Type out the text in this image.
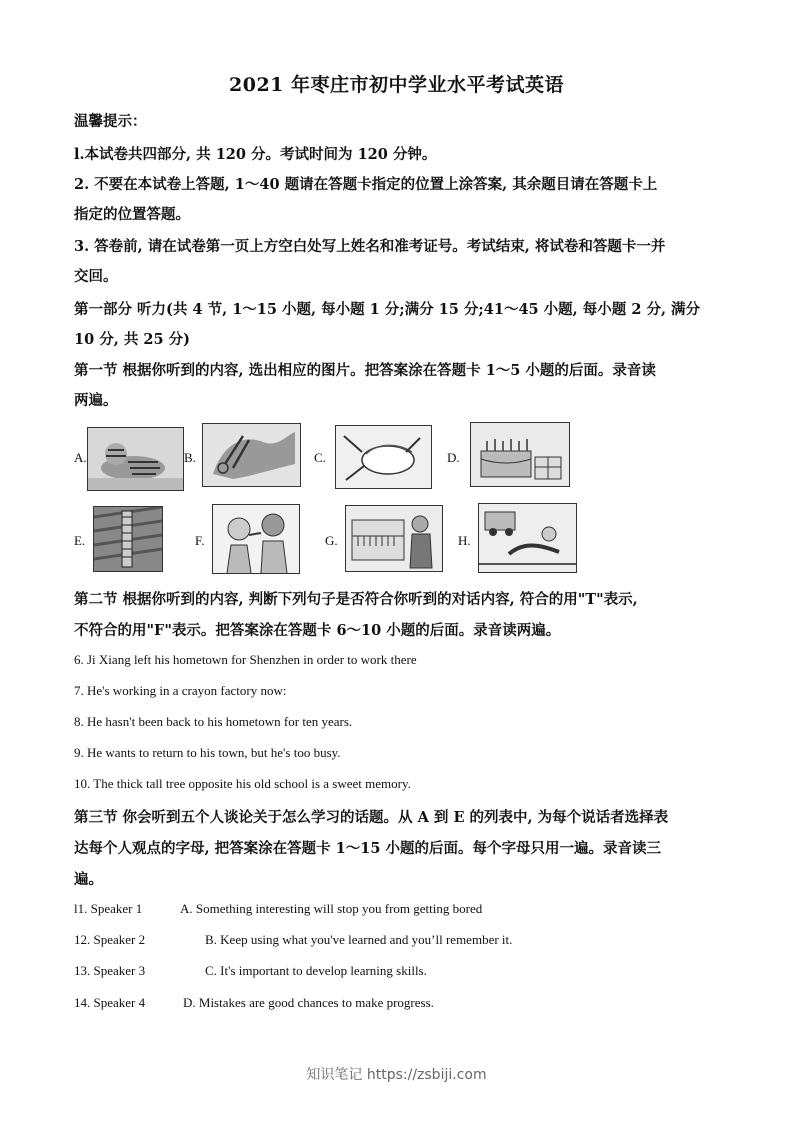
2021 年枣庄市初中学业水平考试英语
温馨提示：
l.本试卷共四部分, 共 120 分。考试时间为 120 分钟。
2. 不要在本试卷上答题, 1～40 题请在答题卡指定的位置上涂答案, 其余题目请在答题卡上
指定的位置答题。
3. 答卷前, 请在试卷第一页上方空白处写上姓名和准考证号。考试结束, 将试卷和答题卡一并
交回。
第一部分 听力(共 4 节, 1～15 小题, 每小题 1 分;满分 15 分;41～45 小题, 每小题 2 分, 满分
10 分, 共 25 分)
第一节 根据你听到的内容, 选出相应的图片。把答案涂在答题卡 1～5 小题的后面。录音读
两遍。
A.	B.	C.	D.
E.	F.	G.	H.
第二节 根据你听到的内容, 判断下列句子是否符合你听到的对话内容, 符合的用"T"表示,
不符合的用"F"表示。把答案涂在答题卡 6～10 小题的后面。录音读两遍。
6. Ji Xiang left his hometown for Shenzhen in order to work there
7. He's working in a crayon factory now:
8. He hasn't been back to his hometown for ten years.
9. He wants to return to his town, but he's too busy.
10. The thick tall tree opposite his old school is a sweet memory.
第三节 你会听到五个人谈论关于怎么学习的话题。从 A 到 E 的列表中, 为每个说话者选择表
达每个人观点的字母, 把答案涂在答题卡 1～15 小题的后面。每个字母只用一遍。录音读三
遍。
l1. Speaker 1	A. Something interesting will stop you from getting bored
12. Speaker 2	B. Keep using what you've learned and you’ll remember it.
13. Speaker 3	C. It's important to develop learning skills.
14. Speaker 4	D. Mistakes are good chances to make progress.
知识笔记 https://zsbiji.com
